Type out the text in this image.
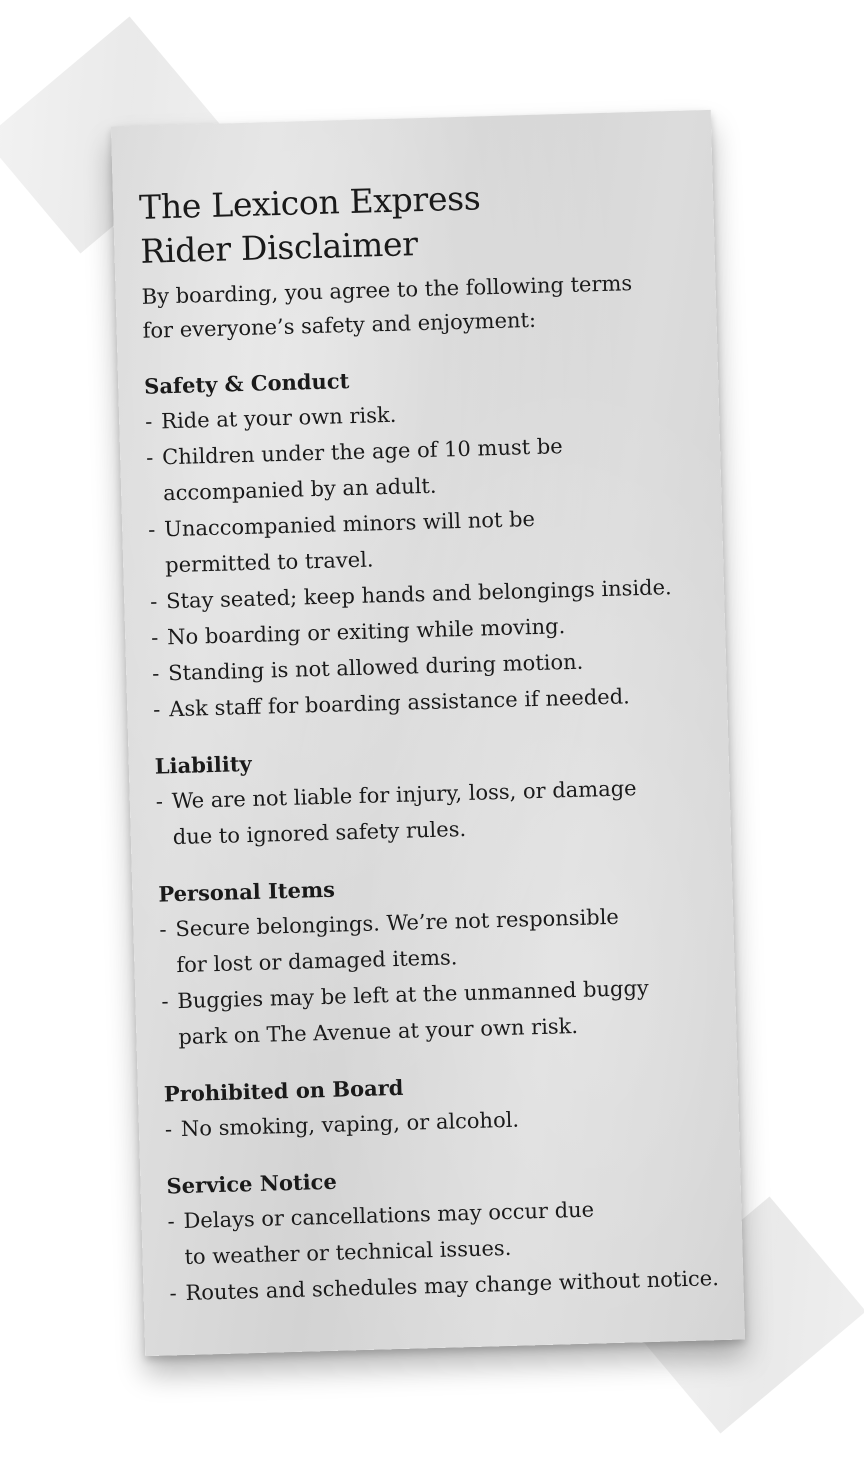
The Lexicon Express
Rider Disclaimer

By boarding, you agree to the following terms
for everyone’s safety and enjoyment:

Safety & Conduct

- Ride at your own risk.

- Children under the age of 10 must be
accompanied by an adult.

- Unaccompanied minors will not be
permitted to travel.

- Stay seated; keep hands and belongings inside.

- No boarding or exiting while moving.

- Standing is not allowed during motion.

- Ask staff for boarding assistance if needed.

Liability

- We are not liable for injury, loss, or damage
due to ignored safety rules.

Personal Items

- Secure belongings. We’re not responsible
for lost or damaged items.

- Buggies may be left at the unmanned buggy
park on The Avenue at your own risk.

Prohibited on Board

- No smoking, vaping, or alcohol.

Service Notice

- Delays or cancellations may occur due
to weather or technical issues.

- Routes and schedules may change without notice.
